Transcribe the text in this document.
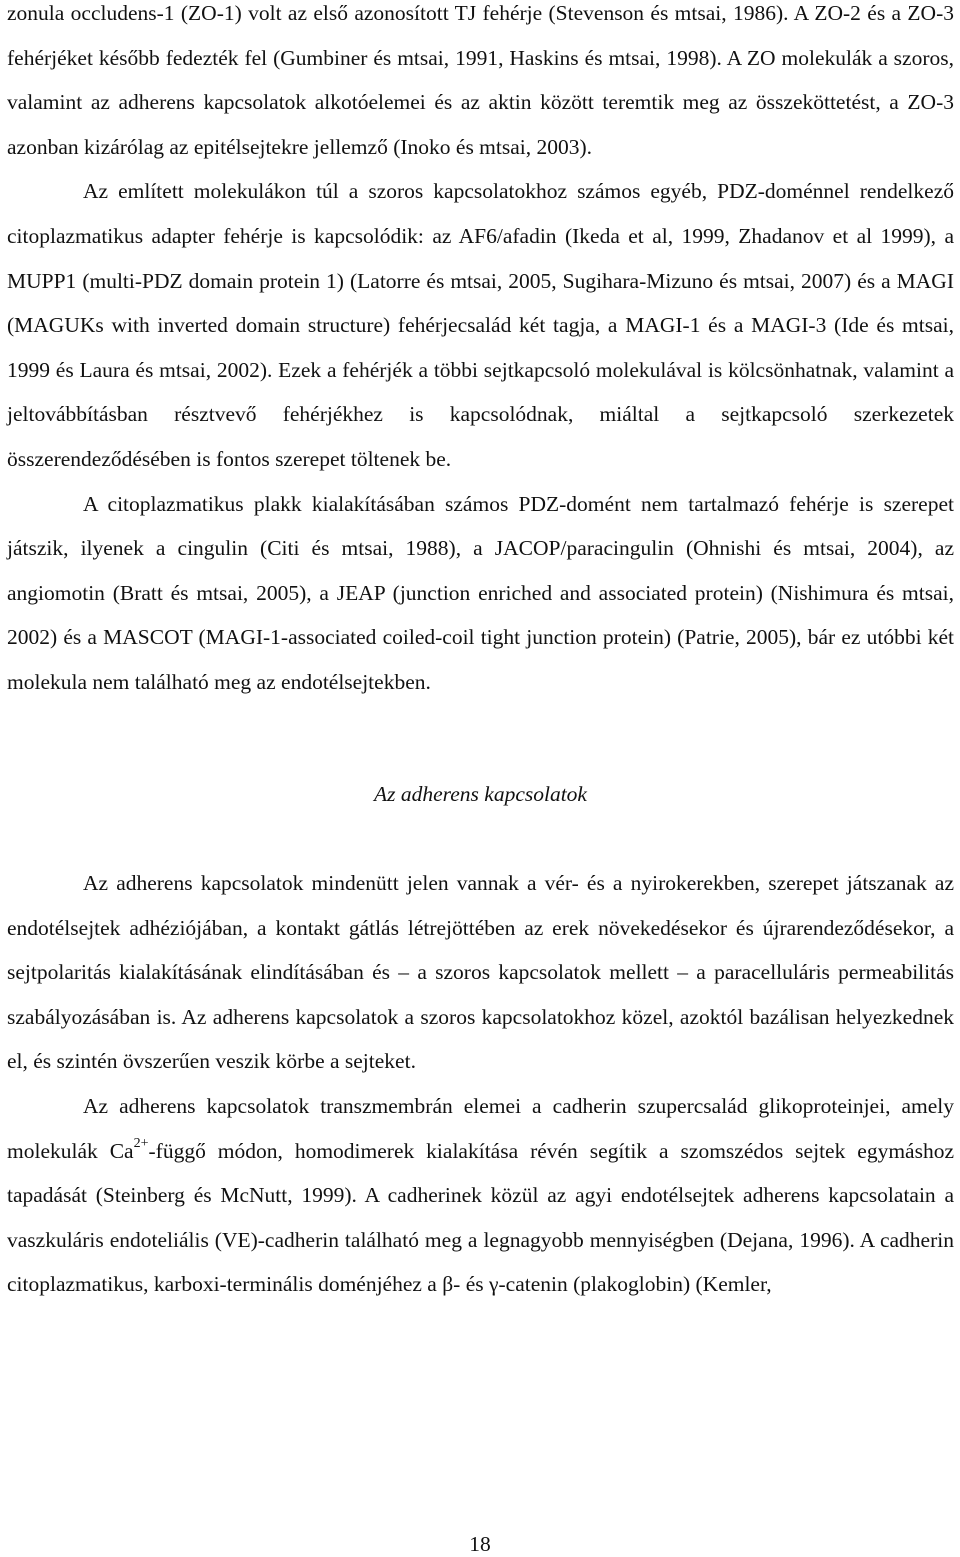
zonula occludens-1 (ZO-1) volt az első azonosított TJ fehérje (Stevenson és mtsai, 1986). A ZO-2 és a ZO-3 fehérjéket később fedezték fel (Gumbiner és mtsai, 1991, Haskins és mtsai, 1998). A ZO molekulák a szoros, valamint az adherens kapcsolatok alkotóelemei és az aktin között teremtik meg az összeköttetést, a ZO-3 azonban kizárólag az epitélsejtekre jellemző (Inoko és mtsai, 2003).

Az említett molekulákon túl a szoros kapcsolatokhoz számos egyéb, PDZ-doménnel rendelkező citoplazmatikus adapter fehérje is kapcsolódik: az AF6/afadin (Ikeda et al, 1999, Zhadanov et al 1999), a MUPP1 (multi-PDZ domain protein 1) (Latorre és mtsai, 2005, Sugihara-Mizuno és mtsai, 2007) és a MAGI (MAGUKs with inverted domain structure) fehérjecsalád két tagja, a MAGI-1 és a MAGI-3 (Ide és mtsai, 1999 és Laura és mtsai, 2002). Ezek a fehérjék a többi sejtkapcsoló molekulával is kölcsönhatnak, valamint a jeltovábbításban résztvevő fehérjékhez is kapcsolódnak, miáltal a sejtkapcsoló szerkezetek összerendeződésében is fontos szerepet töltenek be.

A citoplazmatikus plakk kialakításában számos PDZ-domént nem tartalmazó fehérje is szerepet játszik, ilyenek a cingulin (Citi és mtsai, 1988), a JACOP/paracingulin (Ohnishi és mtsai, 2004), az angiomotin (Bratt és mtsai, 2005), a JEAP (junction enriched and associated protein) (Nishimura és mtsai, 2002) és a MASCOT (MAGI-1-associated coiled-coil tight junction protein) (Patrie, 2005), bár ez utóbbi két molekula nem található meg az endotélsejtekben.

Az adherens kapcsolatok

Az adherens kapcsolatok mindenütt jelen vannak a vér- és a nyirokerekben, szerepet játszanak az endotélsejtek adhéziójában, a kontakt gátlás létrejöttében az erek növekedésekor és újrarendeződésekor, a sejtpolaritás kialakításának elindításában és – a szoros kapcsolatok mellett – a paracelluláris permeabilitás szabályozásában is. Az adherens kapcsolatok a szoros kapcsolatokhoz közel, azoktól bazálisan helyezkednek el, és szintén övszerűen veszik körbe a sejteket.

Az adherens kapcsolatok transzmembrán elemei a cadherin szupercsalád glikoproteinjei, amely molekulák $Ca^{2+}$-függő módon, homodimerek kialakítása révén segítik a szomszédos sejtek egymáshoz tapadását (Steinberg és McNutt, 1999). A cadherinek közül az agyi endotélsejtek adherens kapcsolatain a vaszkuláris endoteliális (VE)-cadherin található meg a legnagyobb mennyiségben (Dejana, 1996). A cadherin citoplazmatikus, karboxi-terminális doménjéhez a β- és γ-catenin (plakoglobin) (Kemler,

18
